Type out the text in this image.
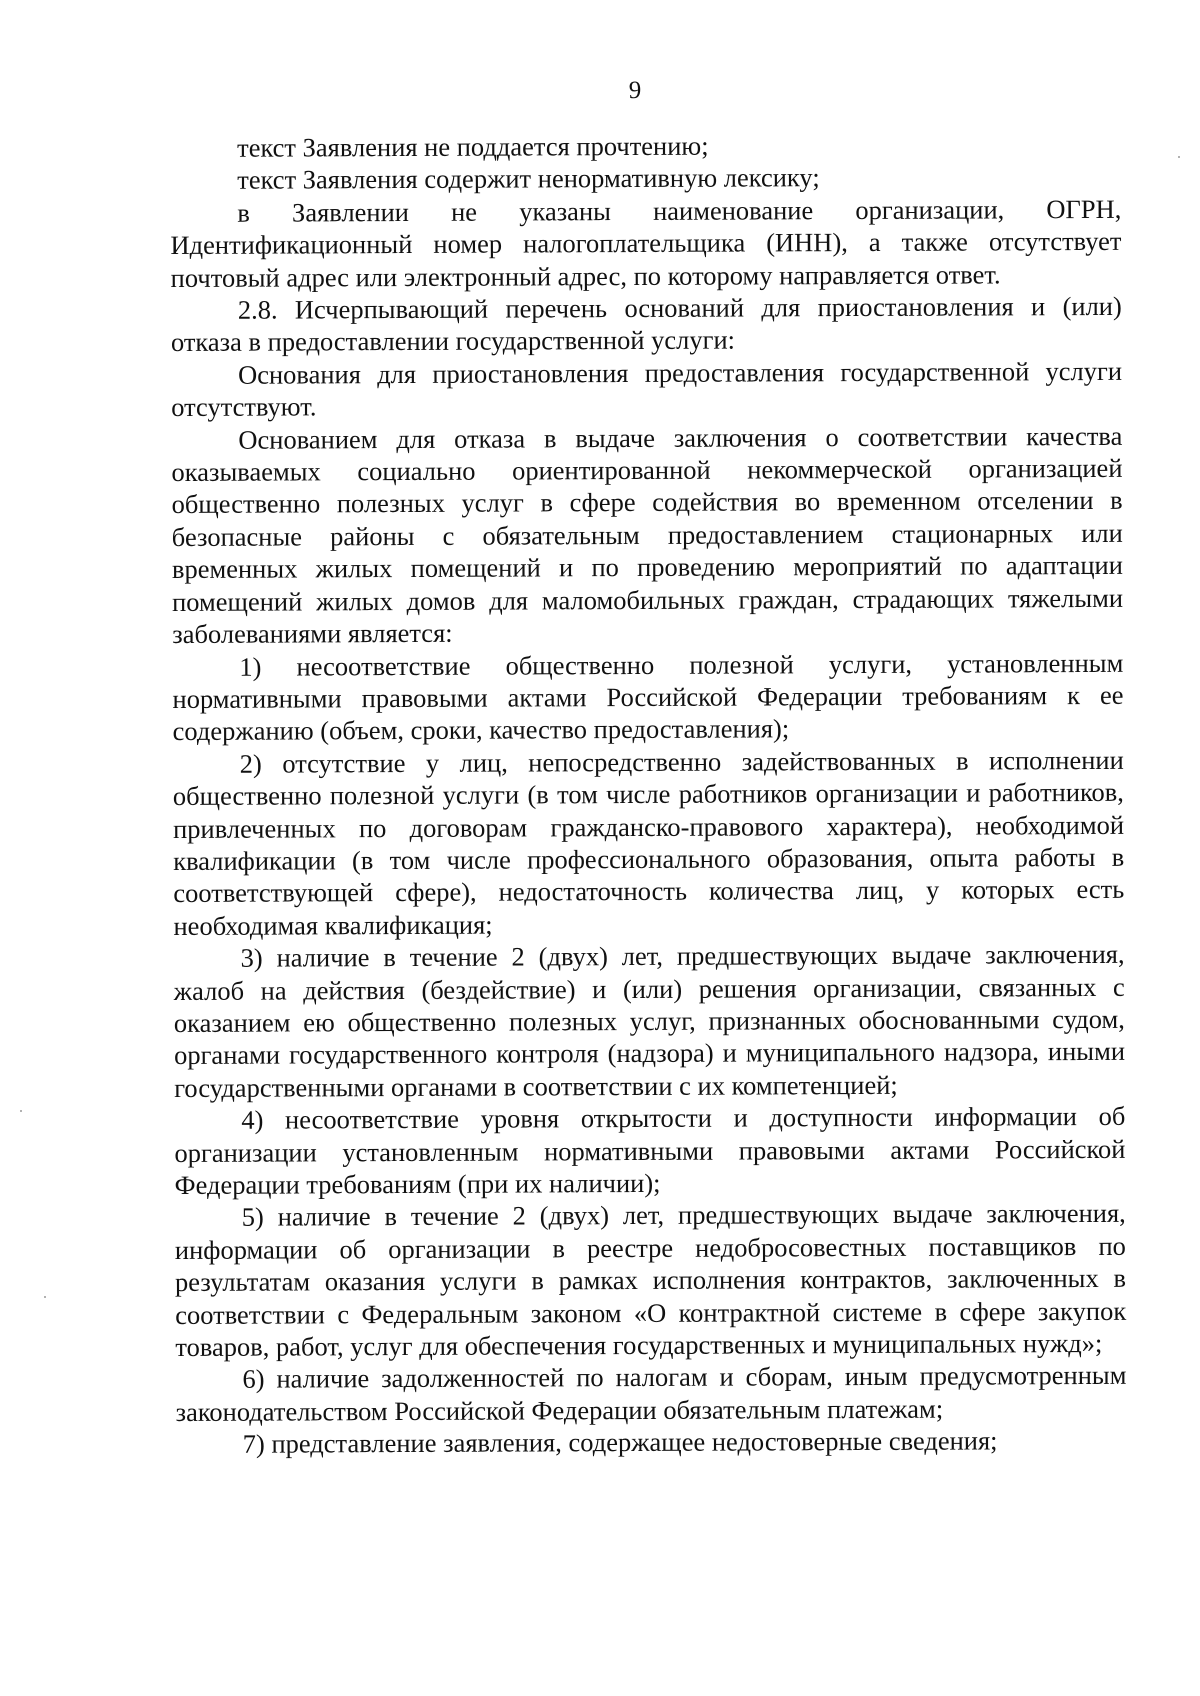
9

текст Заявления не поддается прочтению;

текст Заявления содержит ненормативную лексику;

в Заявлении не указаны наименование организации, ОГРН, Идентификационный номер налогоплательщика (ИНН), а также отсутствует почтовый адрес или электронный адрес, по которому направляется ответ.

2.8. Исчерпывающий перечень оснований для приостановления и (или) отказа в предоставлении государственной услуги:

Основания для приостановления предоставления государственной услуги отсутствуют.

Основанием для отказа в выдаче заключения о соответствии качества оказываемых социально ориентированной некоммерческой организацией общественно полезных услуг в сфере содействия во временном отселении в безопасные районы с обязательным предоставлением стационарных или временных жилых помещений и по проведению мероприятий по адаптации помещений жилых домов для маломобильных граждан, страдающих тяжелыми заболеваниями является:

1) несоответствие общественно полезной услуги, установленным нормативными правовыми актами Российской Федерации требованиям к ее содержанию (объем, сроки, качество предоставления);

2) отсутствие у лиц, непосредственно задействованных в исполнении общественно полезной услуги (в том числе работников организации и работников, привлеченных по договорам гражданско-правового характера), необходимой квалификации (в том числе профессионального образования, опыта работы в соответствующей сфере), недостаточность количества лиц, у которых есть необходимая квалификация;

3) наличие в течение 2 (двух) лет, предшествующих выдаче заключения, жалоб на действия (бездействие) и (или) решения организации, связанных с оказанием ею общественно полезных услуг, признанных обоснованными судом, органами государственного контроля (надзора) и муниципального надзора, иными государственными органами в соответствии с их компетенцией;

4) несоответствие уровня открытости и доступности информации об организации установленным нормативными правовыми актами Российской Федерации требованиям (при их наличии);

5) наличие в течение 2 (двух) лет, предшествующих выдаче заключения, информации об организации в реестре недобросовестных поставщиков по результатам оказания услуги в рамках исполнения контрактов, заключенных в соответствии с Федеральным законом «О контрактной системе в сфере закупок товаров, работ, услуг для обеспечения государственных и муниципальных нужд»;

6) наличие задолженностей по налогам и сборам, иным предусмотренным законодательством Российской Федерации обязательным платежам;

7) представление заявления, содержащее недостоверные сведения;
